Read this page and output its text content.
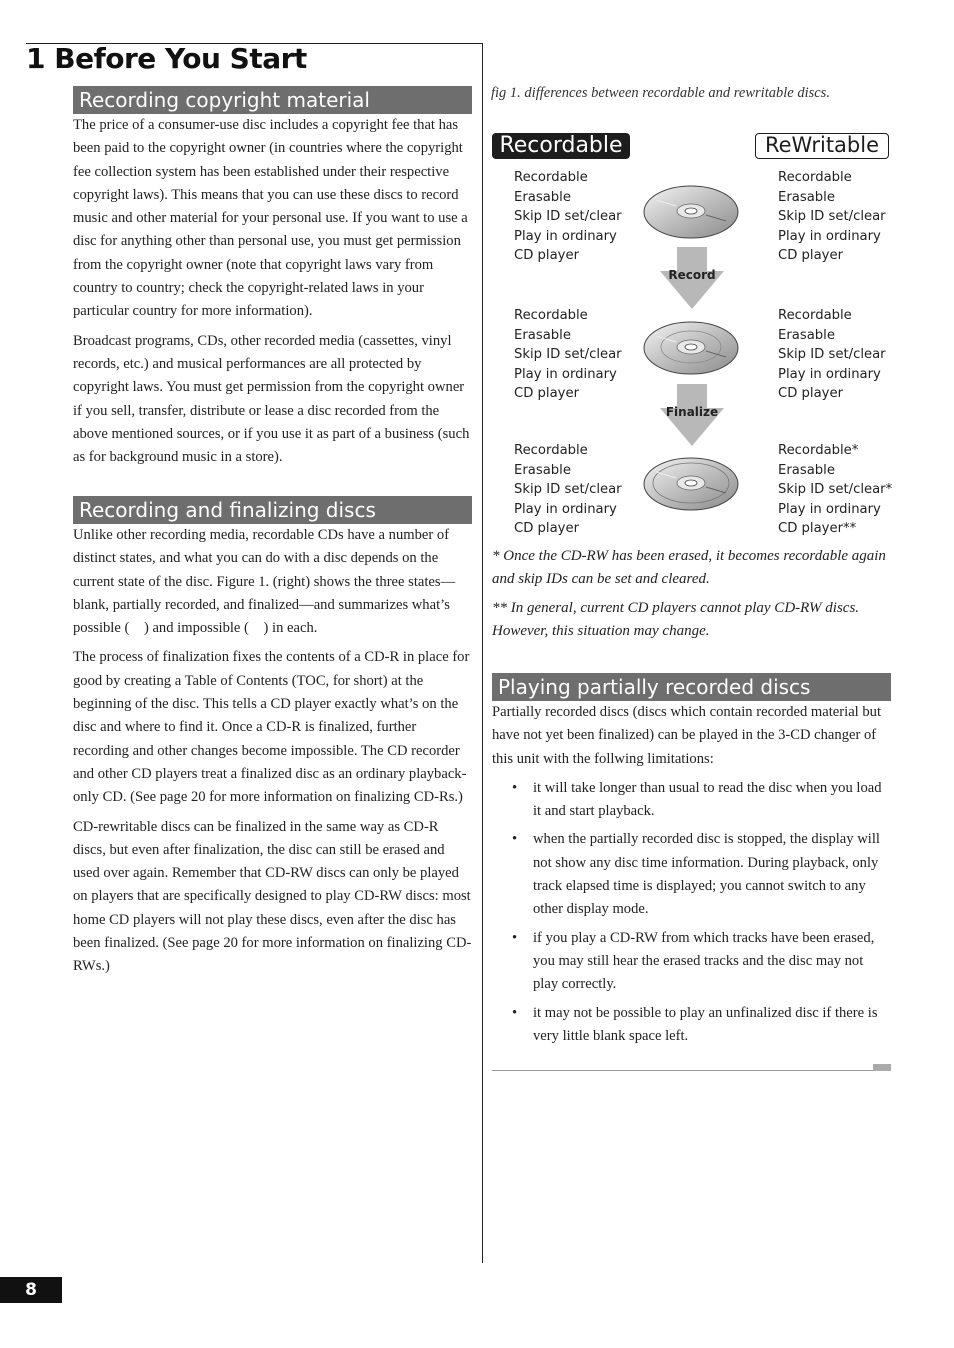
1 Before You Start
Recording copyright material

The price of a consumer-use disc includes a copyright fee that has been paid to the copyright owner (in countries where the copyright fee collection system has been established under their respective copyright laws). This means that you can use these discs to record music and other material for your personal use. If you want to use a disc for anything other than personal use, you must get permission from the copyright owner (note that copyright laws vary from country to country; check the copyright-related laws in your particular country for more information).

Broadcast programs, CDs, other recorded media (cassettes, vinyl records, etc.) and musical performances are all protected by copyright laws. You must get permission from the copyright owner if you sell, transfer, distribute or lease a disc recorded from the above mentioned sources, or if you use it as part of a business (such as for background music in a store).

Recording and finalizing discs

Unlike other recording media, recordable CDs have a number of distinct states, and what you can do with a disc depends on the current state of the disc. Figure 1. (right) shows the three states—blank, partially recorded, and finalized—and summarizes what’s possible ( ) and impossible ( ) in each.

The process of finalization fixes the contents of a CD-R in place for good by creating a Table of Contents (TOC, for short) at the beginning of the disc. This tells a CD player exactly what’s on the disc and where to find it. Once a CD-R is finalized, further recording and other changes become impossible. The CD recorder and other CD players treat a finalized disc as an ordinary playback-only CD. (See page 20 for more information on finalizing CD-Rs.)

CD-rewritable discs can be finalized in the same way as CD-R discs, but even after finalization, the disc can still be erased and used over again. Remember that CD-RW discs can only be played on players that are specifically designed to play CD-RW discs: most home CD players will not play these discs, even after the disc has been finalized. (See page 20 for more information on finalizing CD-RWs.)

fig 1. differences between recordable and rewritable discs.
Recordable	ReWritable
Recordable
Erasable
Skip ID set/clear
Play in ordinary
CD player
Recordable
Erasable
Skip ID set/clear
Play in ordinary
CD player
Record
Recordable
Erasable
Skip ID set/clear
Play in ordinary
CD player
Recordable
Erasable
Skip ID set/clear
Play in ordinary
CD player
Finalize
Recordable
Erasable
Skip ID set/clear
Play in ordinary
CD player
Recordable*
Erasable
Skip ID set/clear*
Play in ordinary
CD player**

* Once the CD-RW has been erased, it becomes recordable again and skip IDs can be set and cleared.

** In general, current CD players cannot play CD-RW discs. However, this situation may change.

Playing partially recorded discs

Partially recorded discs (discs which contain recorded material but have not yet been finalized) can be played in the 3-CD changer of this unit with the follwing limitations:

• it will take longer than usual to read the disc when you load it and start playback.
• when the partially recorded disc is stopped, the display will not show any disc time information. During playback, only track elapsed time is displayed; you cannot switch to any other display mode.
• if you play a CD-RW from which tracks have been erased, you may still hear the erased tracks and the disc may not play correctly.
• it may not be possible to play an unfinalized disc if there is very little blank space left.
8
